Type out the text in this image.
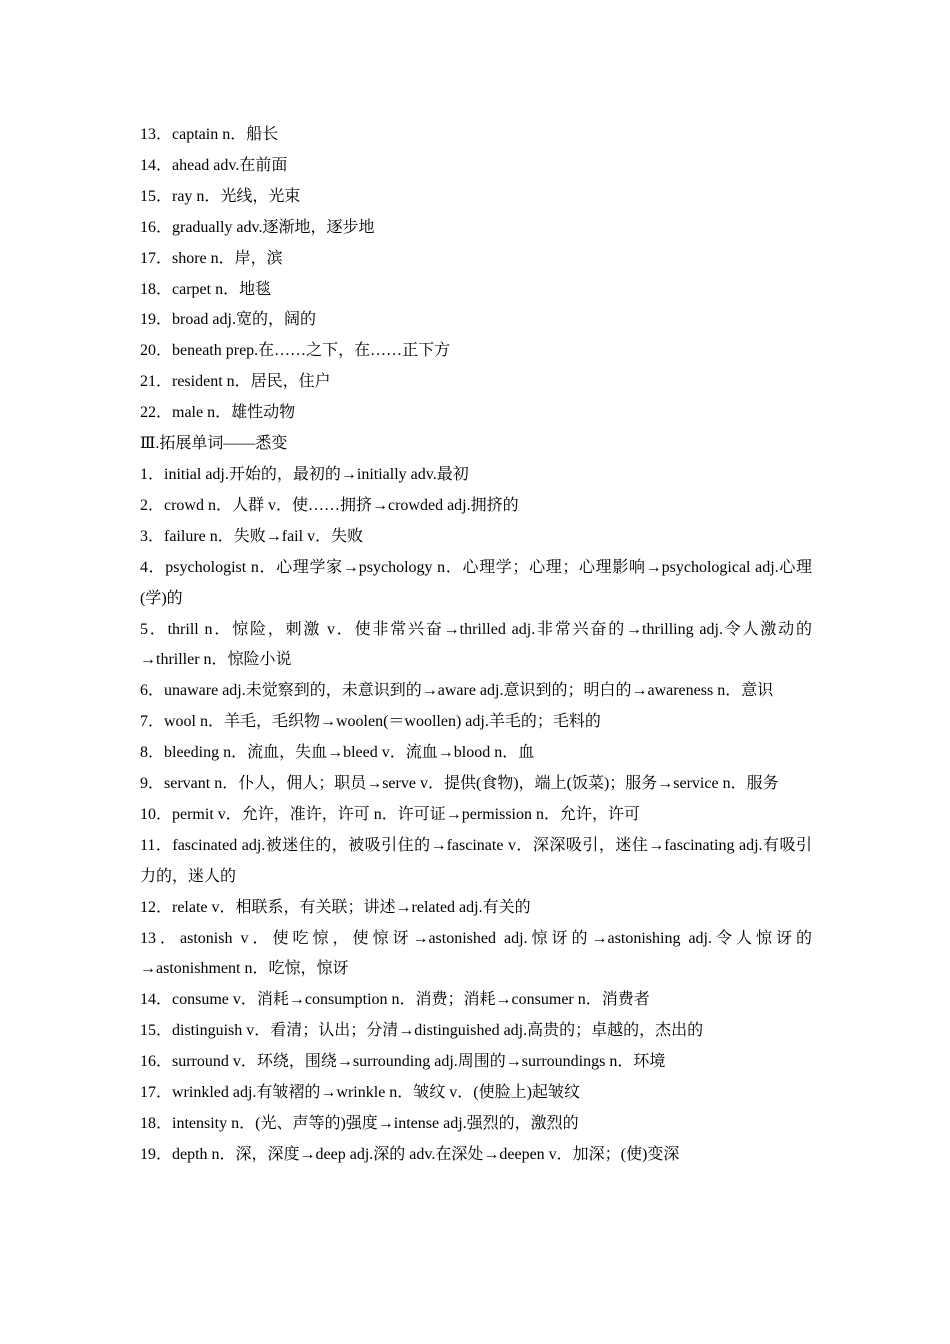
13．captain n．船长

14．ahead adv.在前面

15．ray n．光线，光束

16．gradually adv.逐渐地，逐步地

17．shore n．岸，滨

18．carpet n．地毯

19．broad adj.宽的，阔的

20．beneath prep.在……之下，在……正下方

21．resident n．居民，住户

22．male n．雄性动物

Ⅲ.拓展单词——悉变

1．initial adj.开始的，最初的→initially adv.最初

2．crowd n．人群 v．使……拥挤→crowded adj.拥挤的

3．failure n．失败→fail v．失败

4．psychologist n．心理学家→psychology n．心理学；心理；心理影响→psychological adj.心理(学)的

5．thrill n．惊险，刺激 v．使非常兴奋→thrilled adj.非常兴奋的→thrilling adj.令人激动的→thriller n．惊险小说

6．unaware adj.未觉察到的，未意识到的→aware adj.意识到的；明白的→awareness n．意识

7．wool n．羊毛，毛织物→woolen(＝woollen) adj.羊毛的；毛料的

8．bleeding n．流血，失血→bleed v．流血→blood n．血

9．servant n．仆人，佣人；职员→serve v．提供(食物)，端上(饭菜)；服务→service n．服务

10．permit v．允许，准许，许可 n．许可证→permission n．允许，许可

11．fascinated adj.被迷住的，被吸引住的→fascinate v．深深吸引，迷住→fascinating adj.有吸引力的，迷人的

12．relate v．相联系，有关联；讲述→related adj.有关的

13．astonish v．使吃惊，使惊讶→astonished adj.惊讶的→astonishing adj.令人惊讶的→astonishment n．吃惊，惊讶

14．consume v．消耗→consumption n．消费；消耗→consumer n．消费者

15．distinguish v．看清；认出；分清→distinguished adj.高贵的；卓越的，杰出的

16．surround v．环绕，围绕→surrounding adj.周围的→surroundings n．环境

17．wrinkled adj.有皱褶的→wrinkle n．皱纹 v．(使脸上)起皱纹

18．intensity n．(光、声等的)强度→intense adj.强烈的，激烈的

19．depth n．深，深度→deep adj.深的 adv.在深处→deepen v．加深；(使)变深
